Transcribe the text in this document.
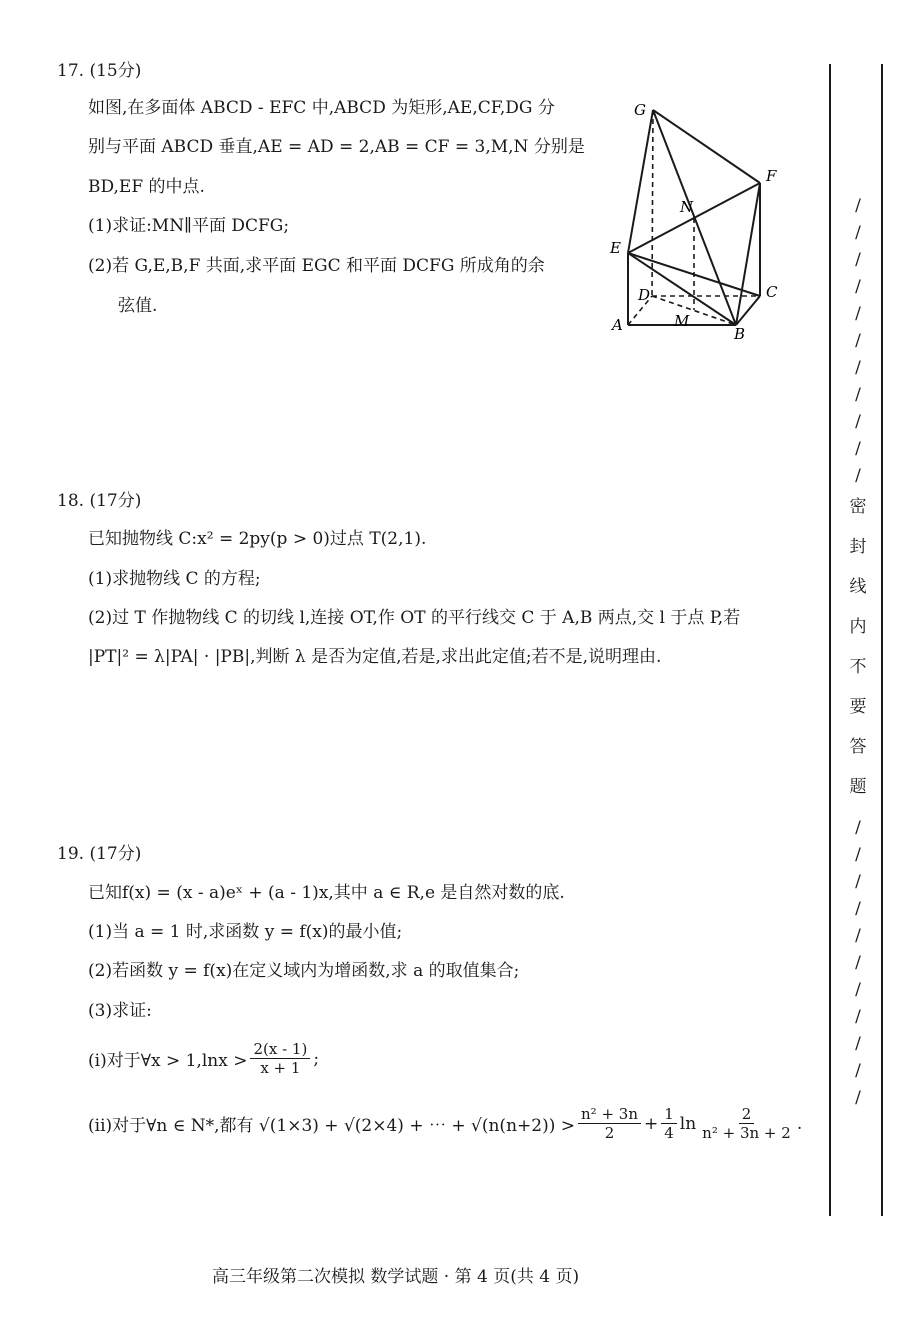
17. (15分)
如图,在多面体 ABCD - EFC 中,ABCD 为矩形,AE,CF,DG 分
别与平面 ABCD 垂直,AE = AD = 2,AB = CF = 3,M,N 分别是
BD,EF 的中点.
(1)求证:MN∥平面 DCFG;
(2)若 G,E,B,F 共面,求平面 EGC 和平面 DCFG 所成角的余
弦值.
G
F
N
E
D	C
A	M
B
18. (17分)
已知抛物线 C:x² = 2py(p > 0)过点 T(2,1).
(1)求抛物线 C 的方程;
(2)过 T 作抛物线 C 的切线 l,连接 OT,作 OT 的平行线交 C 于 A,B 两点,交 l 于点 P,若
|PT|² = λ|PA| · |PB|,判断 λ 是否为定值,若是,求出此定值;若不是,说明理由.
19. (17分)
已知f(x) = (x - a)eˣ + (a - 1)x,其中 a ∈ R,e 是自然对数的底.
(1)当 a = 1 时,求函数 y = f(x)的最小值;
(2)若函数 y = f(x)在定义域内为增函数,求 a 的取值集合;
(3)求证:
(i)对于∀x > $1,\ln x > \frac{2(x - 1)}{x + 1}$ ;
(ii)对于∀n ∈ N*,都有 √(1×3) + √(2×4) + ⋯ + $√(n(n+2)) > \frac{\text{n² + 3n}}{2} + \frac{1}{4}$ $\ln \frac{2}{\text{n² + 3n + 2}}$ .
/
/
/
/
/
/
/
/
/
/
/
密
封
线
内
不
要
答
题
/
/
/
/
/
/
/
/
/
/
/
高三年级第二次模拟 数学试题 · 第 4 页(共 4 页)
